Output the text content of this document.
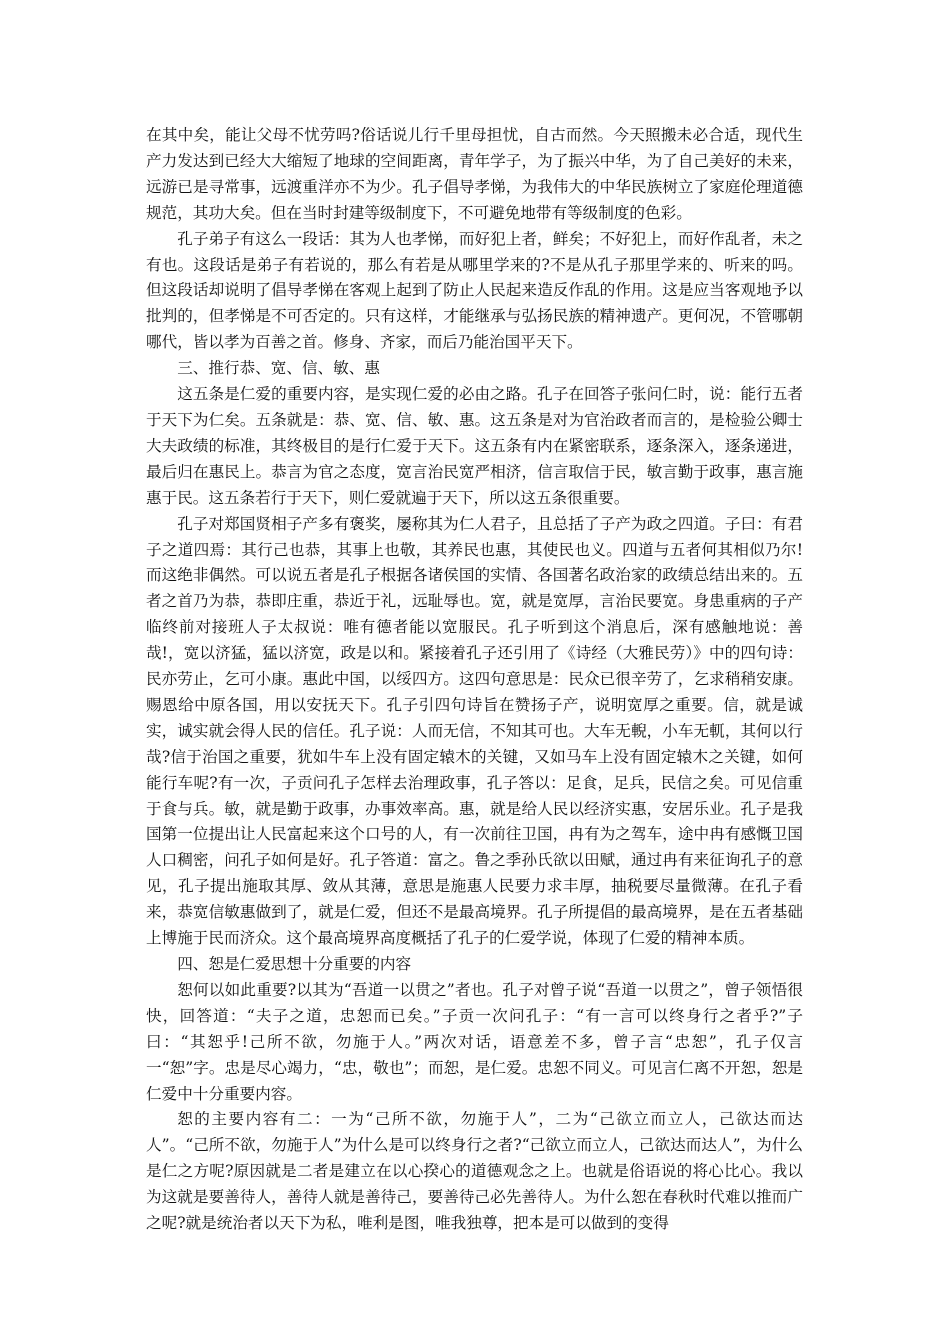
在其中矣，能让父母不忧劳吗?俗话说儿行千里母担忧，自古而然。今天照搬未必合适，现代生产力发达到已经大大缩短了地球的空间距离，青年学子，为了振兴中华，为了自己美好的未来，远游已是寻常事，远渡重洋亦不为少。孔子倡导孝悌，为我伟大的中华民族树立了家庭伦理道德规范，其功大矣。但在当时封建等级制度下，不可避免地带有等级制度的色彩。

孔子弟子有这么一段话：其为人也孝悌，而好犯上者，鲜矣；不好犯上，而好作乱者，未之有也。这段话是弟子有若说的，那么有若是从哪里学来的?不是从孔子那里学来的、听来的吗。但这段话却说明了倡导孝悌在客观上起到了防止人民起来造反作乱的作用。这是应当客观地予以批判的，但孝悌是不可否定的。只有这样，才能继承与弘扬民族的精神遗产。更何况，不管哪朝哪代，皆以孝为百善之首。修身、齐家，而后乃能治国平天下。

三、推行恭、宽、信、敏、惠

这五条是仁爱的重要内容，是实现仁爱的必由之路。孔子在回答子张问仁时，说：能行五者于天下为仁矣。五条就是：恭、宽、信、敏、惠。这五条是对为官治政者而言的，是检验公卿士大夫政绩的标准，其终极目的是行仁爱于天下。这五条有内在紧密联系，逐条深入，逐条递进，最后归在惠民上。恭言为官之态度，宽言治民宽严相济，信言取信于民，敏言勤于政事，惠言施惠于民。这五条若行于天下，则仁爱就遍于天下，所以这五条很重要。

孔子对郑国贤相子产多有褒奖，屡称其为仁人君子，且总括了子产为政之四道。子曰：有君子之道四焉：其行己也恭，其事上也敬，其养民也惠，其使民也义。四道与五者何其相似乃尔!而这绝非偶然。可以说五者是孔子根据各诸侯国的实情、各国著名政治家的政绩总结出来的。五者之首乃为恭，恭即庄重，恭近于礼，远耻辱也。宽，就是宽厚，言治民要宽。身患重病的子产临终前对接班人子太叔说：唯有德者能以宽服民。孔子听到这个消息后，深有感触地说：善哉!，宽以济猛，猛以济宽，政是以和。紧接着孔子还引用了《诗经（大雅民劳）》中的四句诗：民亦劳止，乞可小康。惠此中国，以绥四方。这四句意思是：民众已很辛劳了，乞求稍稍安康。赐恩给中原各国，用以安抚天下。孔子引四句诗旨在赞扬子产，说明宽厚之重要。信，就是诚实，诚实就会得人民的信任。孔子说：人而无信，不知其可也。大车无輗，小车无軏，其何以行哉?信于治国之重要，犹如牛车上没有固定辕木的关键，又如马车上没有固定辕木之关键，如何能行车呢?有一次，子贡问孔子怎样去治理政事，孔子答以：足食，足兵，民信之矣。可见信重于食与兵。敏，就是勤于政事，办事效率高。惠，就是给人民以经济实惠，安居乐业。孔子是我国第一位提出让人民富起来这个口号的人，有一次前往卫国，冉有为之驾车，途中冉有感慨卫国人口稠密，问孔子如何是好。孔子答道：富之。鲁之季孙氏欲以田赋，通过冉有来征询孔子的意见，孔子提出施取其厚、敛从其薄，意思是施惠人民要力求丰厚，抽税要尽量微薄。在孔子看来，恭宽信敏惠做到了，就是仁爱，但还不是最高境界。孔子所提倡的最高境界，是在五者基础上博施于民而济众。这个最高境界高度概括了孔子的仁爱学说，体现了仁爱的精神本质。

四、恕是仁爱思想十分重要的内容

恕何以如此重要?以其为“吾道一以贯之”者也。孔子对曾子说“吾道一以贯之”，曾子领悟很快，回答道：“夫子之道，忠恕而已矣。”子贡一次问孔子：“有一言可以终身行之者乎?”子曰：“其恕乎!己所不欲，勿施于人。”两次对话，语意差不多，曾子言“忠恕”，孔子仅言一“恕”字。忠是尽心竭力，“忠，敬也”；而恕，是仁爱。忠恕不同义。可见言仁离不开恕，恕是仁爱中十分重要内容。

恕的主要内容有二：一为“己所不欲，勿施于人”，二为“己欲立而立人，己欲达而达人”。“己所不欲，勿施于人”为什么是可以终身行之者?“己欲立而立人，己欲达而达人”，为什么是仁之方呢?原因就是二者是建立在以心揆心的道德观念之上。也就是俗语说的将心比心。我以为这就是要善待人，善待人就是善待己，要善待己必先善待人。为什么恕在春秋时代难以推而广之呢?就是统治者以天下为私，唯利是图，唯我独尊，把本是可以做到的变得
